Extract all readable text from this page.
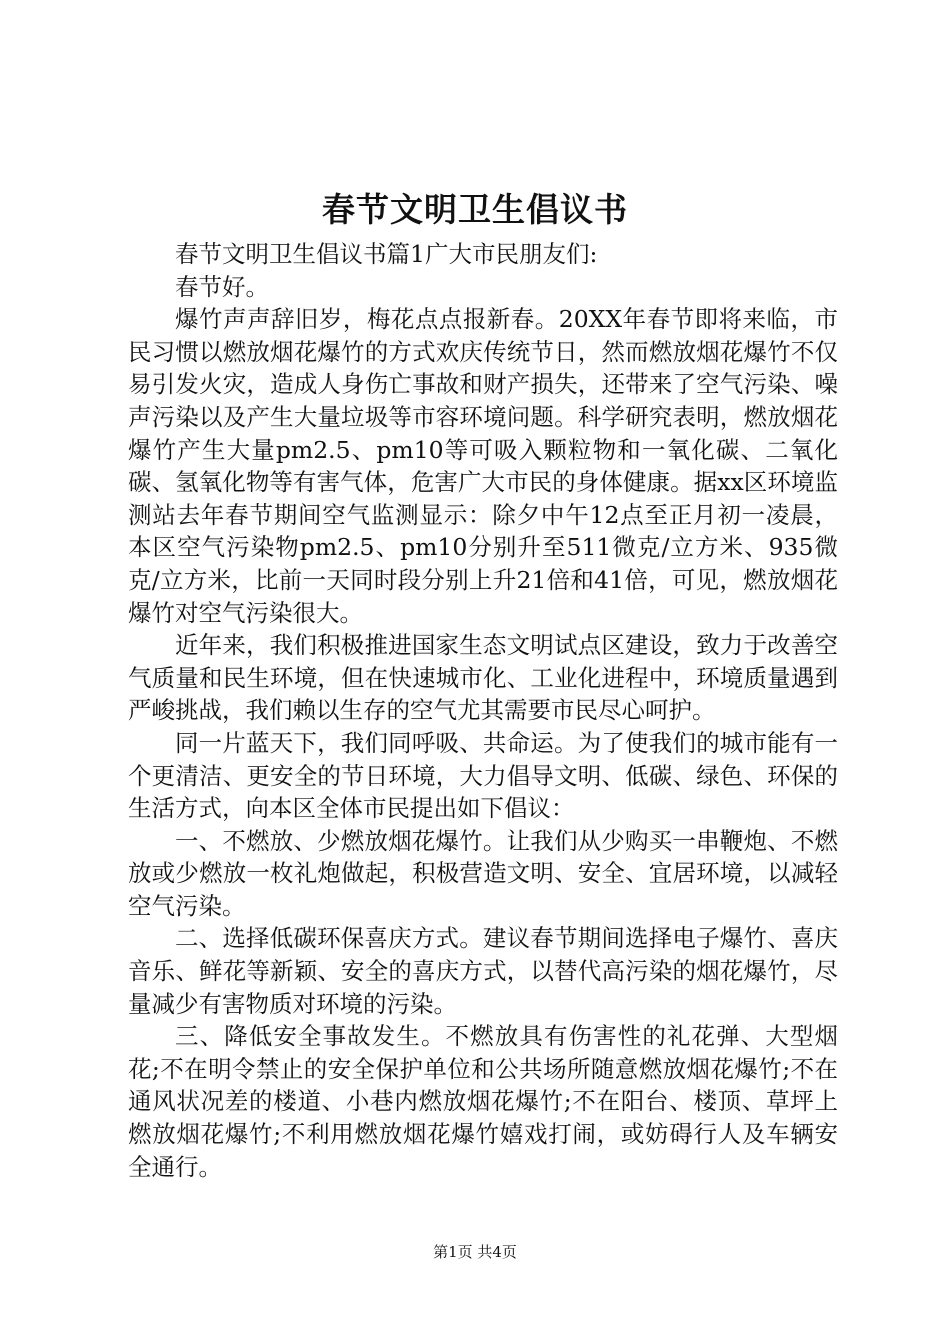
春节文明卫生倡议书

春节文明卫生倡议书篇1广大市民朋友们:

春节好。

爆竹声声辞旧岁，梅花点点报新春。20XX年春节即将来临，市民习惯以燃放烟花爆竹的方式欢庆传统节日，然而燃放烟花爆竹不仅易引发火灾，造成人身伤亡事故和财产损失，还带来了空气污染、噪声污染以及产生大量垃圾等市容环境问题。科学研究表明，燃放烟花爆竹产生大量pm2.5、pm10等可吸入颗粒物和一氧化碳、二氧化碳、氢氧化物等有害气体，危害广大市民的身体健康。据xx区环境监测站去年春节期间空气监测显示：除夕中午12点至正月初一凌晨，本区空气污染物pm2.5、pm10分别升至511微克/立方米、935微克/立方米，比前一天同时段分别上升21倍和41倍，可见，燃放烟花爆竹对空气污染很大。

近年来，我们积极推进国家生态文明试点区建设，致力于改善空气质量和民生环境，但在快速城市化、工业化进程中，环境质量遇到严峻挑战，我们赖以生存的空气尤其需要市民尽心呵护。

同一片蓝天下，我们同呼吸、共命运。为了使我们的城市能有一个更清洁、更安全的节日环境，大力倡导文明、低碳、绿色、环保的生活方式，向本区全体市民提出如下倡议：

一、不燃放、少燃放烟花爆竹。让我们从少购买一串鞭炮、不燃放或少燃放一枚礼炮做起，积极营造文明、安全、宜居环境，以减轻空气污染。

二、选择低碳环保喜庆方式。建议春节期间选择电子爆竹、喜庆音乐、鲜花等新颖、安全的喜庆方式，以替代高污染的烟花爆竹，尽量减少有害物质对环境的污染。

三、降低安全事故发生。不燃放具有伤害性的礼花弹、大型烟花;不在明令禁止的安全保护单位和公共场所随意燃放烟花爆竹;不在通风状况差的楼道、小巷内燃放烟花爆竹;不在阳台、楼顶、草坪上燃放烟花爆竹;不利用燃放烟花爆竹嬉戏打闹，或妨碍行人及车辆安全通行。

第1页 共4页
